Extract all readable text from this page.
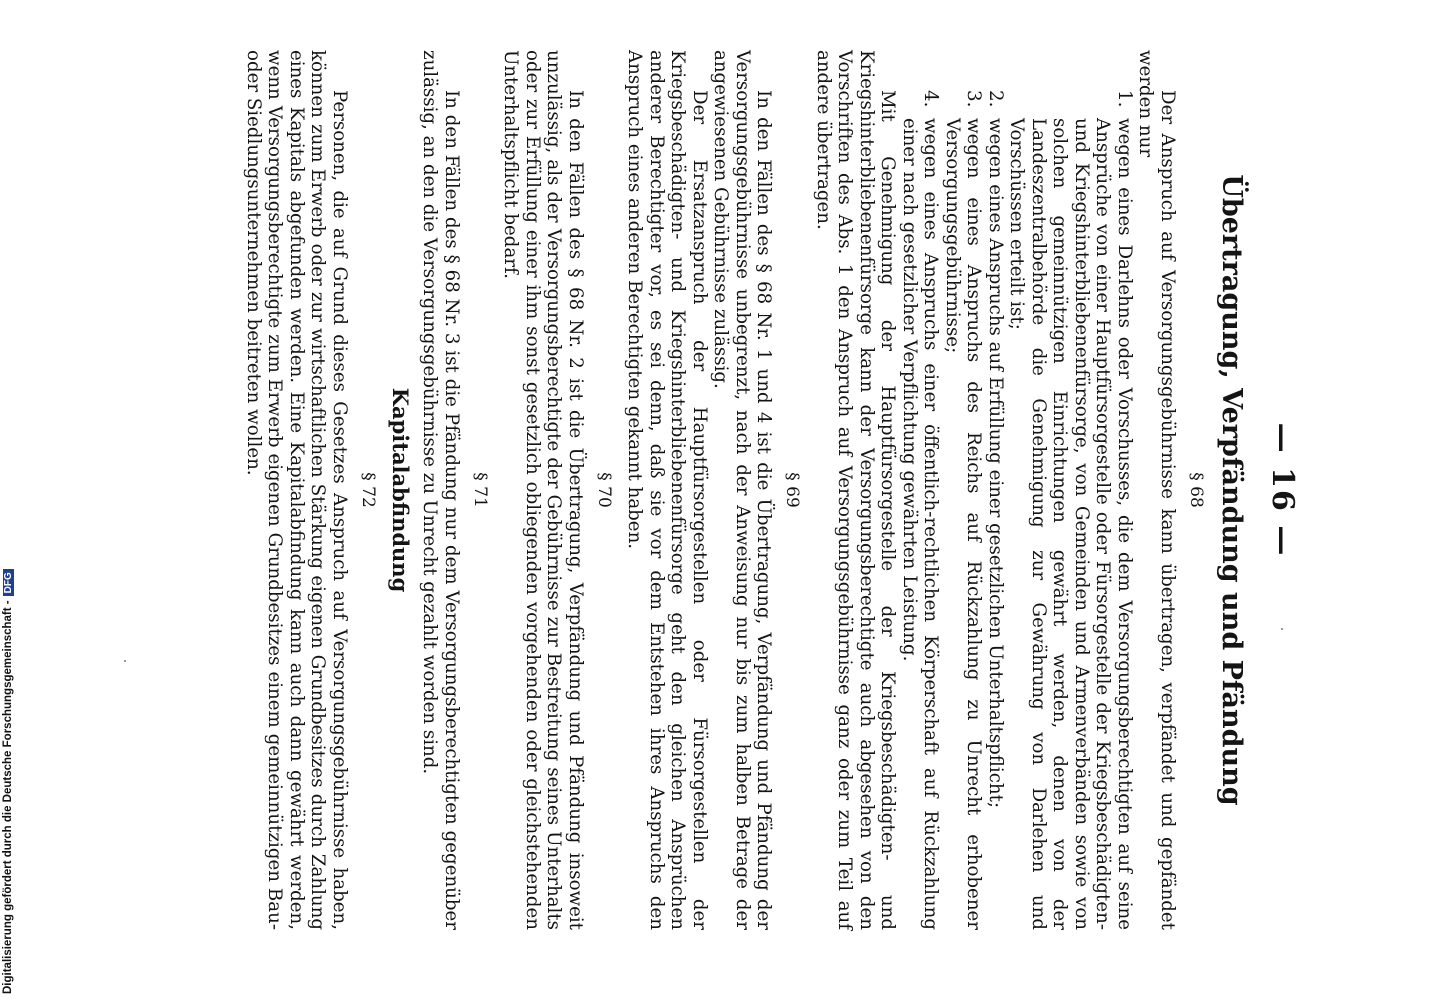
— 16 —
Übertragung, Verpfändung und Pfändung
§ 68

Der Anspruch auf Versorgungsgebührnisse kann übertragen, verpfändet und gepfändet werden nur

1.
wegen eines Darlehns oder Vorschusses, die dem Versorgungsberechtigten auf seine Ansprüche von einer Hauptfürsorgestelle oder Fürsorgestelle der Kriegsbeschädigten- und Kriegshinterbliebenenfürsorge, von Gemeinden und Armenverbänden sowie von solchen gemeinnützigen Einrichtungen gewährt werden, denen von der Landeszentralbehörde die Genehmigung zur Gewährung von Darlehen und Vorschüssen erteilt ist;
2.
wegen eines Anspruchs auf Erfüllung einer gesetzlichen Unterhaltspflicht;
3.
wegen eines Anspruchs des Reichs auf Rückzahlung zu Unrecht erhobener Versorgungsgebührnisse;
4.
wegen eines Anspruchs einer öffentlich-rechtlichen Körperschaft auf Rückzahlung einer nach gesetzlicher Verpflichtung gewährten Leistung.

Mit Genehmigung der Hauptfürsorgestelle der Kriegsbeschädigten- und Kriegshinterbliebenenfürsorge kann der Versorgungsberechtigte auch abgesehen von den Vorschriften des Abs. 1 den Anspruch auf Versorgungsgebührnisse ganz oder zum Teil auf andere übertragen.

§ 69

In den Fällen des § 68 Nr. 1 und 4 ist die Übertragung, Verpfändung und Pfändung der Versorgungsgebührnisse unbegrenzt, nach der Anweisung nur bis zum halben Betrage der angewiesenen Gebührnisse zulässig.

Der Ersatzanspruch der Hauptfürsorgestellen oder Fürsorgestellen der Kriegsbeschädigten- und Kriegshinterbliebenenfürsorge geht den gleichen Ansprüchen anderer Berechtigter vor, es sei denn, daß sie vor dem Entstehen ihres Anspruchs den Anspruch eines anderen Berechtigten gekannt haben.

§ 70

In den Fällen des § 68 Nr. 2 ist die Übertragung, Verpfändung und Pfändung insoweit unzulässig, als der Versorgungsberechtigte der Gebührnisse zur Bestreitung seines Unterhalts oder zur Erfüllung einer ihm sonst gesetzlich obliegenden vorgehenden oder gleichstehenden Unterhaltspflicht bedarf.

§ 71

In den Fällen des § 68 Nr. 3 ist die Pfändung nur dem Versorgungsberechtigten gegenüber zulässig, an den die Versorgungsgebührnisse zu Unrecht gezahlt worden sind.

Kapitalabfindung
§ 72

Personen, die auf Grund dieses Gesetzes Anspruch auf Versorgungsgebührnisse haben, können zum Erwerb oder zur wirtschaftlichen Stärkung eigenen Grundbesitzes durch Zahlung eines Kapitals abgefunden werden. Eine Kapitalabfindung kann auch dann gewährt werden, wenn Versorgungsberechtigte zum Erwerb eigenen Grundbesitzes einem gemeinnützigen Bau- oder Siedlungsunternehmen beitreten wollen.

Digitalisierung gefördert durch die Deutsche Forschungsgemeinschaft -DFG
